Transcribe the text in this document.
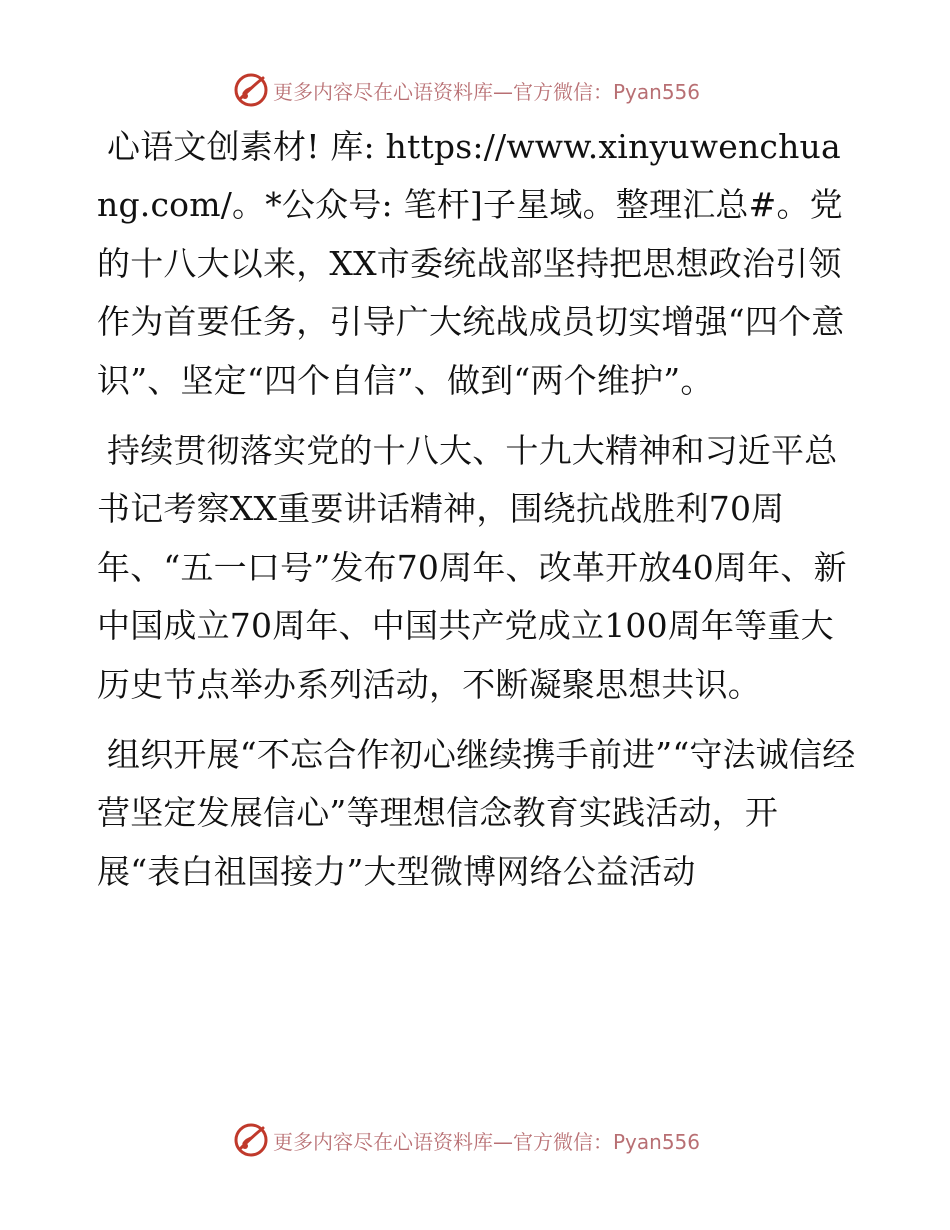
更多内容尽在心语资料库—官方微信：Pyan556

心语文创素材! 库: https://www.xinyuwenchuang.com/。*公众号: 笔杆]子星域。整理汇总#。党的十八大以来，XX市委统战部坚持把思想政治引领作为首要任务，引导广大统战成员切实增强“四个意识”、坚定“四个自信”、做到“两个维护”。

持续贯彻落实党的十八大、十九大精神和习近平总书记考察XX重要讲话精神，围绕抗战胜利70周年、“五一口号”发布70周年、改革开放40周年、新中国成立70周年、中国共产党成立100周年等重大历史节点举办系列活动，不断凝聚思想共识。

组织开展“不忘合作初心继续携手前进”“守法诚信经营坚定发展信心”等理想信念教育实践活动，开展“表白祖国接力”大型微博网络公益活动

更多内容尽在心语资料库—官方微信：Pyan556
